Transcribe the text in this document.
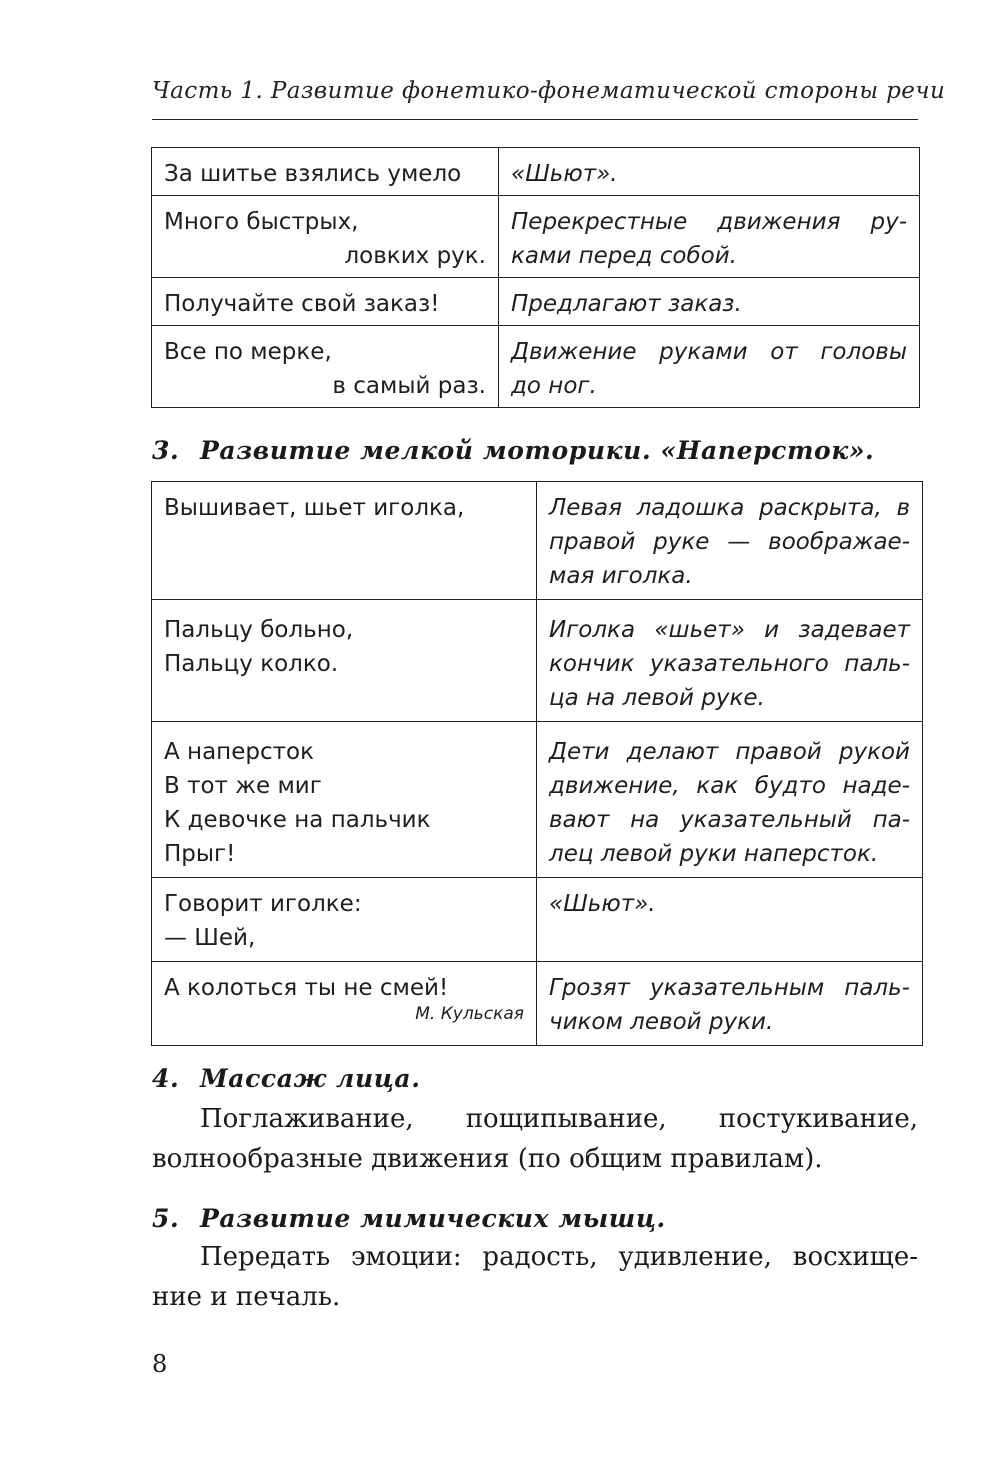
Часть 1. Развитие фонетико-фонематической стороны речи
За шитье взялись умело	«Шьют».

Много быстрых,
ловких рук.	Перекрестные движения ру-
ками перед собой.

Получайте свой заказ!	Предлагают заказ.

Все по мерке,
в самый раз.	Движение руками от головы
до ног.
3. Развитие мелкой моторики. «Наперсток».
Вышивает, шьет иголка,	Левая ладошка раскрыта, в
правой руке — воображае-
мая иголка.

Пальцу больно,
Пальцу колко.	Иголка «шьет» и задевает
кончик указательного паль-
ца на левой руке.

А наперсток
В тот же миг
К девочке на пальчик
Прыг!	Дети делают правой рукой
движение, как будто наде-
вают на указательный па-
лец левой руки наперсток.

Говорит иголке:
— Шей,	«Шьют».

А колоться ты не смей!
М. Кульская	Грозят указательным паль-
чиком левой руки.
4. Массаж лица.
Поглаживание, пощипывание, постукивание,
волнообразные движения (по общим правилам).
5. Развитие мимических мышц.
Передать эмоции: радость, удивление, восхище-
ние и печаль.
8
